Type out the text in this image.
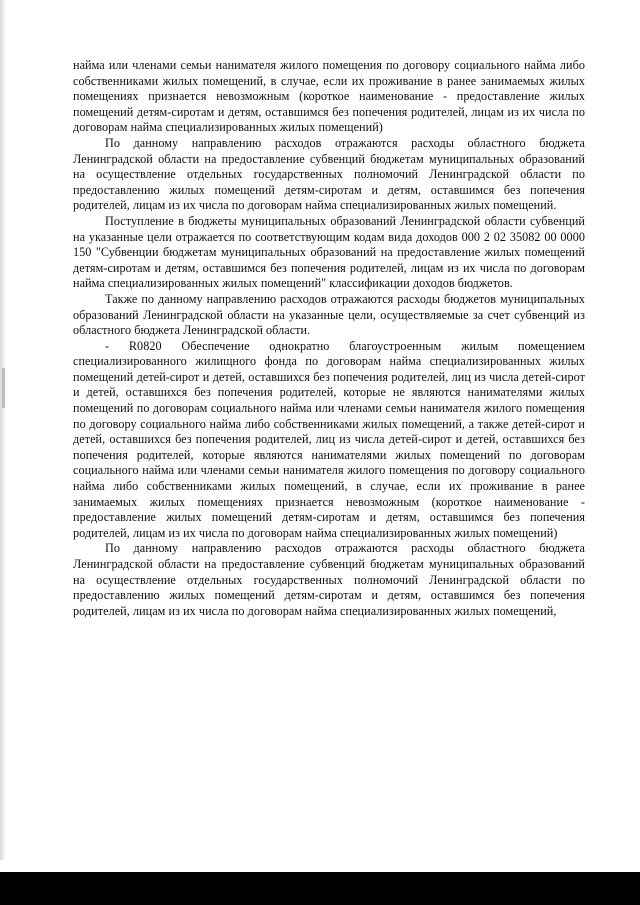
найма или членами семьи нанимателя жилого помещения по договору социального найма либо собственниками жилых помещений, в случае, если их проживание в ранее занимаемых жилых помещениях признается невозможным (короткое наименование - предоставление жилых помещений детям-сиротам и детям, оставшимся без попечения родителей, лицам из их числа по договорам найма специализированных жилых помещений)

По данному направлению расходов отражаются расходы областного бюджета Ленинградской области на предоставление субвенций бюджетам муниципальных образований на осуществление отдельных государственных полномочий Ленинградской области по предоставлению жилых помещений детям-сиротам и детям, оставшимся без попечения родителей, лицам из их числа по договорам найма специализированных жилых помещений.

Поступление в бюджеты муниципальных образований Ленинградской области субвенций на указанные цели отражается по соответствующим кодам вида доходов 000 2 02 35082 00 0000 150 "Субвенции бюджетам муниципальных образований на предоставление жилых помещений детям-сиротам и детям, оставшимся без попечения родителей, лицам из их числа по договорам найма специализированных жилых помещений" классификации доходов бюджетов.

Также по данному направлению расходов отражаются расходы бюджетов муниципальных образований Ленинградской области на указанные цели, осуществляемые за счет субвенций из областного бюджета Ленинградской области.

- R0820 Обеспечение однократно благоустроенным жилым помещением специализированного жилищного фонда по договорам найма специализированных жилых помещений детей-сирот и детей, оставшихся без попечения родителей, лиц из числа детей-сирот и детей, оставшихся без попечения родителей, которые не являются нанимателями жилых помещений по договорам социального найма или членами семьи нанимателя жилого помещения по договору социального найма либо собственниками жилых помещений, а также детей-сирот и детей, оставшихся без попечения родителей, лиц из числа детей-сирот и детей, оставшихся без попечения родителей, которые являются нанимателями жилых помещений по договорам социального найма или членами семьи нанимателя жилого помещения по договору социального найма либо собственниками жилых помещений, в случае, если их проживание в ранее занимаемых жилых помещениях признается невозможным (короткое наименование - предоставление жилых помещений детям-сиротам и детям, оставшимся без попечения родителей, лицам из их числа по договорам найма специализированных жилых помещений)

По данному направлению расходов отражаются расходы областного бюджета Ленинградской области на предоставление субвенций бюджетам муниципальных образований на осуществление отдельных государственных полномочий Ленинградской области по предоставлению жилых помещений детям-сиротам и детям, оставшимся без попечения родителей, лицам из их числа по договорам найма специализированных жилых помещений,
